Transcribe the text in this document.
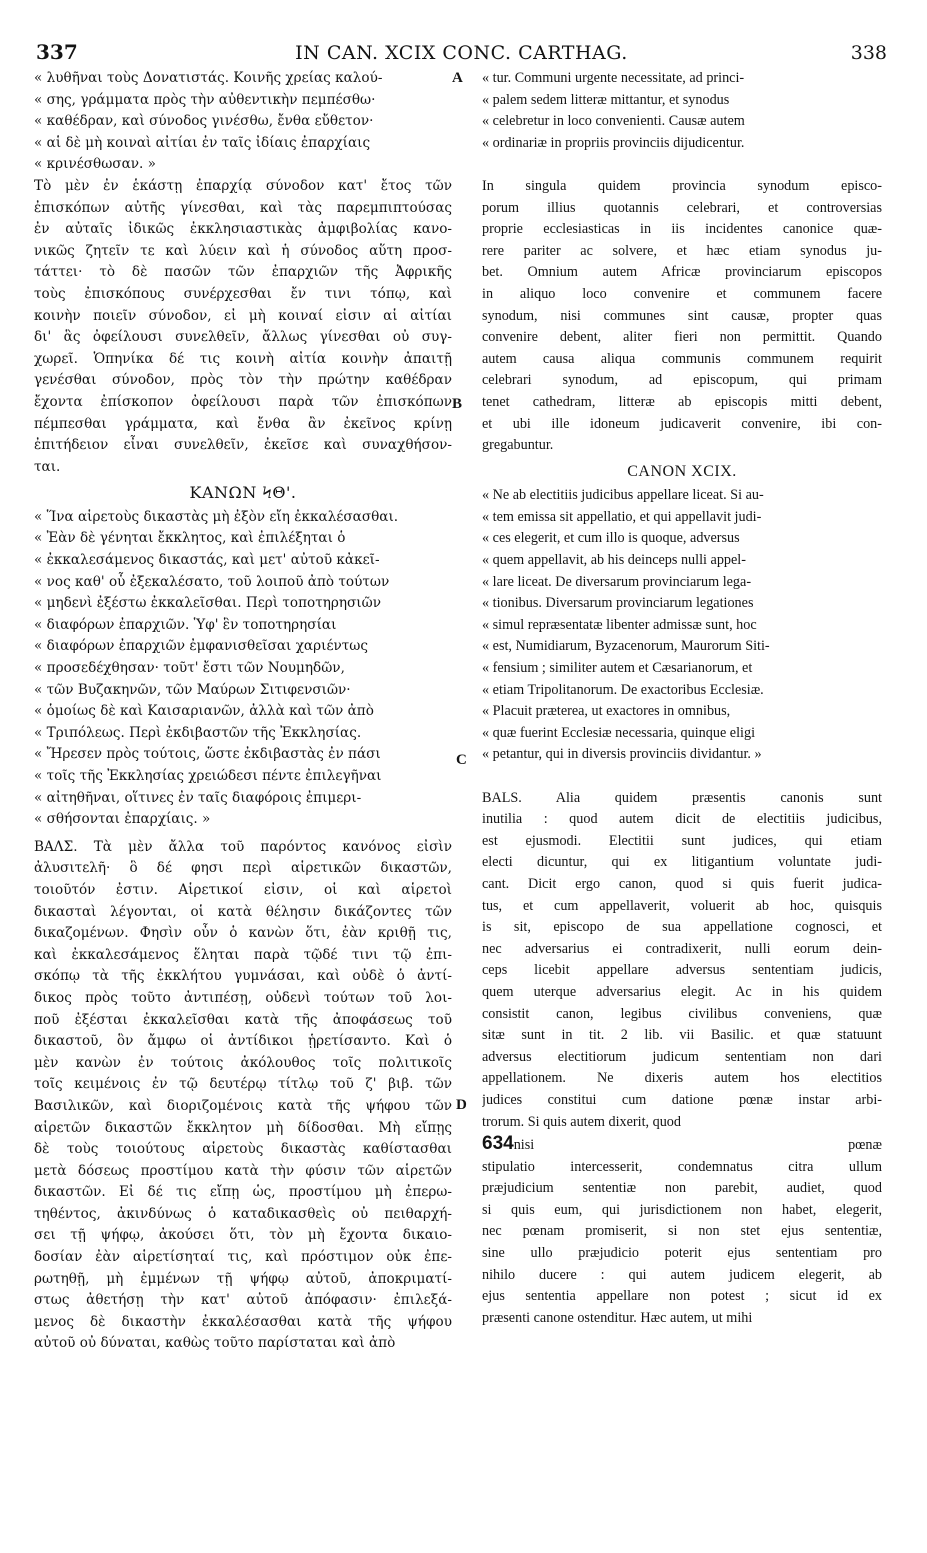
337	IN CAN. XCIX CONC. CARTHAG.	338
« λυθῆναι τοὺς Δονατιστάς. Κοινῆς χρείας καλού-
« σης, γράμματα πρὸς τὴν αὐθεντικὴν πεμπέσθω·
« καθέδραν, καὶ σύνοδος γινέσθω, ἔνθα εὔθετον·
« αἱ δὲ μὴ κοιναὶ αἰτίαι ἐν ταῖς ἰδίαις ἐπαρχίαις
« κρινέσθωσαν. »
Τὸ μὲν ἐν ἑκάστῃ ἐπαρχίᾳ σύνοδον κατ' ἔτος τῶν
ἐπισκόπων αὐτῆς γίνεσθαι, καὶ τὰς παρεμπιπτούσας
ἐν αὐταῖς ἰδικῶς ἐκκλησιαστικὰς ἀμφιβολίας κανο-
νικῶς ζητεῖν τε καὶ λύειν καὶ ἡ σύνοδος αὕτη προσ-
τάττει· τὸ δὲ πασῶν τῶν ἐπαρχιῶν τῆς Ἀφρικῆς
τοὺς ἐπισκόπους συνέρχεσθαι ἔν τινι τόπῳ, καὶ
κοινὴν ποιεῖν σύνοδον, εἰ μὴ κοιναί εἰσιν αἱ αἰτίαι
δι' ἃς ὀφείλουσι συνελθεῖν, ἄλλως γίνεσθαι οὐ συγ-
χωρεῖ. Ὁπηνίκα δέ τις κοινὴ αἰτία κοινὴν ἀπαιτῇ
γενέσθαι σύνοδον, πρὸς τὸν τὴν πρώτην καθέδραν
ἔχοντα ἐπίσκοπον ὀφείλουσι παρὰ τῶν ἐπισκόπων
πέμπεσθαι γράμματα, καὶ ἔνθα ἂν ἐκεῖνος κρίνῃ
ἐπιτήδειον εἶναι συνελθεῖν, ἐκεῖσε καὶ συναχθήσον-
ται.
ΚΑΝΩΝ ϞΘ'.
« Ἵνα αἱρετοὺς δικαστὰς μὴ ἐξὸν εἴη ἐκκαλέσασθαι.
« Ἐὰν δὲ γένηται ἔκκλητος, καὶ ἐπιλέξηται ὁ
« ἐκκαλεσάμενος δικαστάς, καὶ μετ' αὐτοῦ κἀκεῖ-
« νος καθ' οὗ ἐξεκαλέσατο, τοῦ λοιποῦ ἀπὸ τούτων
« μηδενὶ ἐξέστω ἐκκαλεῖσθαι. Περὶ τοποτηρησιῶν
« διαφόρων ἐπαρχιῶν. Ὑφ' ἓν τοποτηρησίαι
« διαφόρων ἐπαρχιῶν ἐμφανισθεῖσαι χαριέντως
« προσεδέχθησαν· τοῦτ' ἔστι τῶν Νουμηδῶν,
« τῶν Βυζακηνῶν, τῶν Μαύρων Σιτιφενσιῶν·
« ὁμοίως δὲ καὶ Καισαριανῶν, ἀλλὰ καὶ τῶν ἀπὸ
« Τριπόλεως. Περὶ ἐκδιβαστῶν τῆς Ἐκκλησίας.
« Ἤρεσεν πρὸς τούτοις, ὥστε ἐκδιβαστὰς ἐν πάσι
« τοῖς τῆς Ἐκκλησίας χρειώδεσι πέντε ἐπιλεγῆναι
« αἰτηθῆναι, οἵτινες ἐν ταῖς διαφόροις ἐπιμερι-
« σθήσονται ἐπαρχίαις. »
ΒΑΛΣ. Τὰ μὲν ἄλλα τοῦ παρόντος κανόνος εἰσὶν
ἀλυσιτελῆ· ὃ δέ φησι περὶ αἱρετικῶν δικαστῶν,
τοιοῦτόν ἐστιν. Αἱρετικοί εἰσιν, οἱ καὶ αἱρετοὶ
δικασταὶ λέγονται, οἱ κατὰ θέλησιν δικάζοντες τῶν
δικαζομένων. Φησὶν οὖν ὁ κανὼν ὅτι, ἐὰν κριθῇ τις,
καὶ ἐκκαλεσάμενος ἕληται παρὰ τῷδέ τινι τῷ ἐπι-
σκόπῳ τὰ τῆς ἐκκλήτου γυμνάσαι, καὶ οὐδὲ ὁ ἀντί-
δικος πρὸς τοῦτο ἀντιπέσῃ, οὐδενὶ τούτων τοῦ λοι-
ποῦ ἐξέσται ἐκκαλεῖσθαι κατὰ τῆς ἀποφάσεως τοῦ
δικαστοῦ, ὃν ἄμφω οἱ ἀντίδικοι ᾑρετίσαντο. Καὶ ὁ
μὲν κανὼν ἐν τούτοις ἀκόλουθος τοῖς πολιτικοῖς
τοῖς κειμένοις ἐν τῷ δευτέρῳ τίτλῳ τοῦ ζ' βιβ. τῶν
Βασιλικῶν, καὶ διοριζομένοις κατὰ τῆς ψήφου τῶν
αἱρετῶν δικαστῶν ἔκκλητον μὴ δίδοσθαι. Μὴ εἴπῃς
δὲ τοὺς τοιούτους αἱρετοὺς δικαστὰς καθίστασθαι
μετὰ δόσεως προστίμου κατὰ τὴν φύσιν τῶν αἱρετῶν
δικαστῶν. Εἰ δέ τις εἴπῃ ὡς, προστίμου μὴ ἐπερω-
τηθέντος, ἀκινδύνως ὁ καταδικασθεὶς οὐ πειθαρχή-
σει τῇ ψήφῳ, ἀκούσει ὅτι, τὸν μὴ ἔχοντα δικαιο-
δοσίαν ἐὰν αἱρετίσηταί τις, καὶ πρόστιμον οὐκ ἐπε-
ρωτηθῇ, μὴ ἐμμένων τῇ ψήφῳ αὐτοῦ, ἀποκριματί-
στως ἀθετήσῃ τὴν κατ' αὐτοῦ ἀπόφασιν· ἐπιλεξά-
μενος δὲ δικαστὴν ἐκκαλέσασθαι κατὰ τῆς ψήφου
αὐτοῦ οὐ δύναται, καθὼς τοῦτο παρίσταται καὶ ἀπὸ
« tur. Communi urgente necessitate, ad princi-
« palem sedem litteræ mittantur, et synodus
« celebretur in loco convenienti. Causæ autem
« ordinariæ in propriis provinciis dijudicentur.
In singula quidem provincia synodum episco-
porum illius quotannis celebrari, et controversias
proprie ecclesiasticas in iis incidentes canonice quæ-
rere pariter ac solvere, et hæc etiam synodus ju-
bet. Omnium autem Africæ provinciarum episcopos
in aliquo loco convenire et communem facere
synodum, nisi communes sint causæ, propter quas
convenire debent, aliter fieri non permittit. Quando
autem causa aliqua communis communem requirit
celebrari synodum, ad episcopum, qui primam
tenet cathedram, litteræ ab episcopis mitti debent,
et ubi ille idoneum judicaverit convenire, ibi con-
gregabuntur.
CANON XCIX.
« Ne ab electitiis judicibus appellare liceat. Si au-
« tem emissa sit appellatio, et qui appellavit judi-
« ces elegerit, et cum illo is quoque, adversus
« quem appellavit, ab his deinceps nulli appel-
« lare liceat. De diversarum provinciarum lega-
« tionibus. Diversarum provinciarum legationes
« simul repræsentatæ libenter admissæ sunt, hoc
« est, Numidiarum, Byzacenorum, Maurorum Siti-
« fensium ; similiter autem et Cæsarianorum, et
« etiam Tripolitanorum. De exactoribus Ecclesiæ.
« Placuit præterea, ut exactores in omnibus,
« quæ fuerint Ecclesiæ necessaria, quinque eligi
« petantur, qui in diversis provinciis dividantur. »
BALS. Alia quidem præsentis canonis sunt
inutilia : quod autem dicit de electitiis judicibus,
est ejusmodi. Electitii sunt judices, qui etiam
electi dicuntur, qui ex litigantium voluntate judi-
cant. Dicit ergo canon, quod si quis fuerit judica-
tus, et cum appellaverit, voluerit ab hoc, quisquis
is sit, episcopo de sua appellatione cognosci, et
nec adversarius ei contradixerit, nulli eorum dein-
ceps licebit appellare adversus sententiam judicis,
quem uterque adversarius elegit. Ac in his quidem
consistit canon, legibus civilibus conveniens, quæ
sitæ sunt in tit. 2 lib. vii Basilic. et quæ statuunt
adversus electitiorum judicum sententiam non dari
appellationem. Ne dixeris autem hos electitios
judices constitui cum datione pœnæ instar arbi-
trorum. Si quis autem dixerit, quod
634nisi pœnæ
stipulatio intercesserit, condemnatus citra ullum
præjudicium sententiæ non parebit, audiet, quod
si quis eum, qui jurisdictionem non habet, elegerit,
nec pœnam promiserit, si non stet ejus sententiæ,
sine ullo præjudicio poterit ejus sententiam pro
nihilo ducere : qui autem judicem elegerit, ab
ejus sententia appellare non potest ; sicut id ex
præsenti canone ostenditur. Hæc autem, ut mihi
A
B
C
D
